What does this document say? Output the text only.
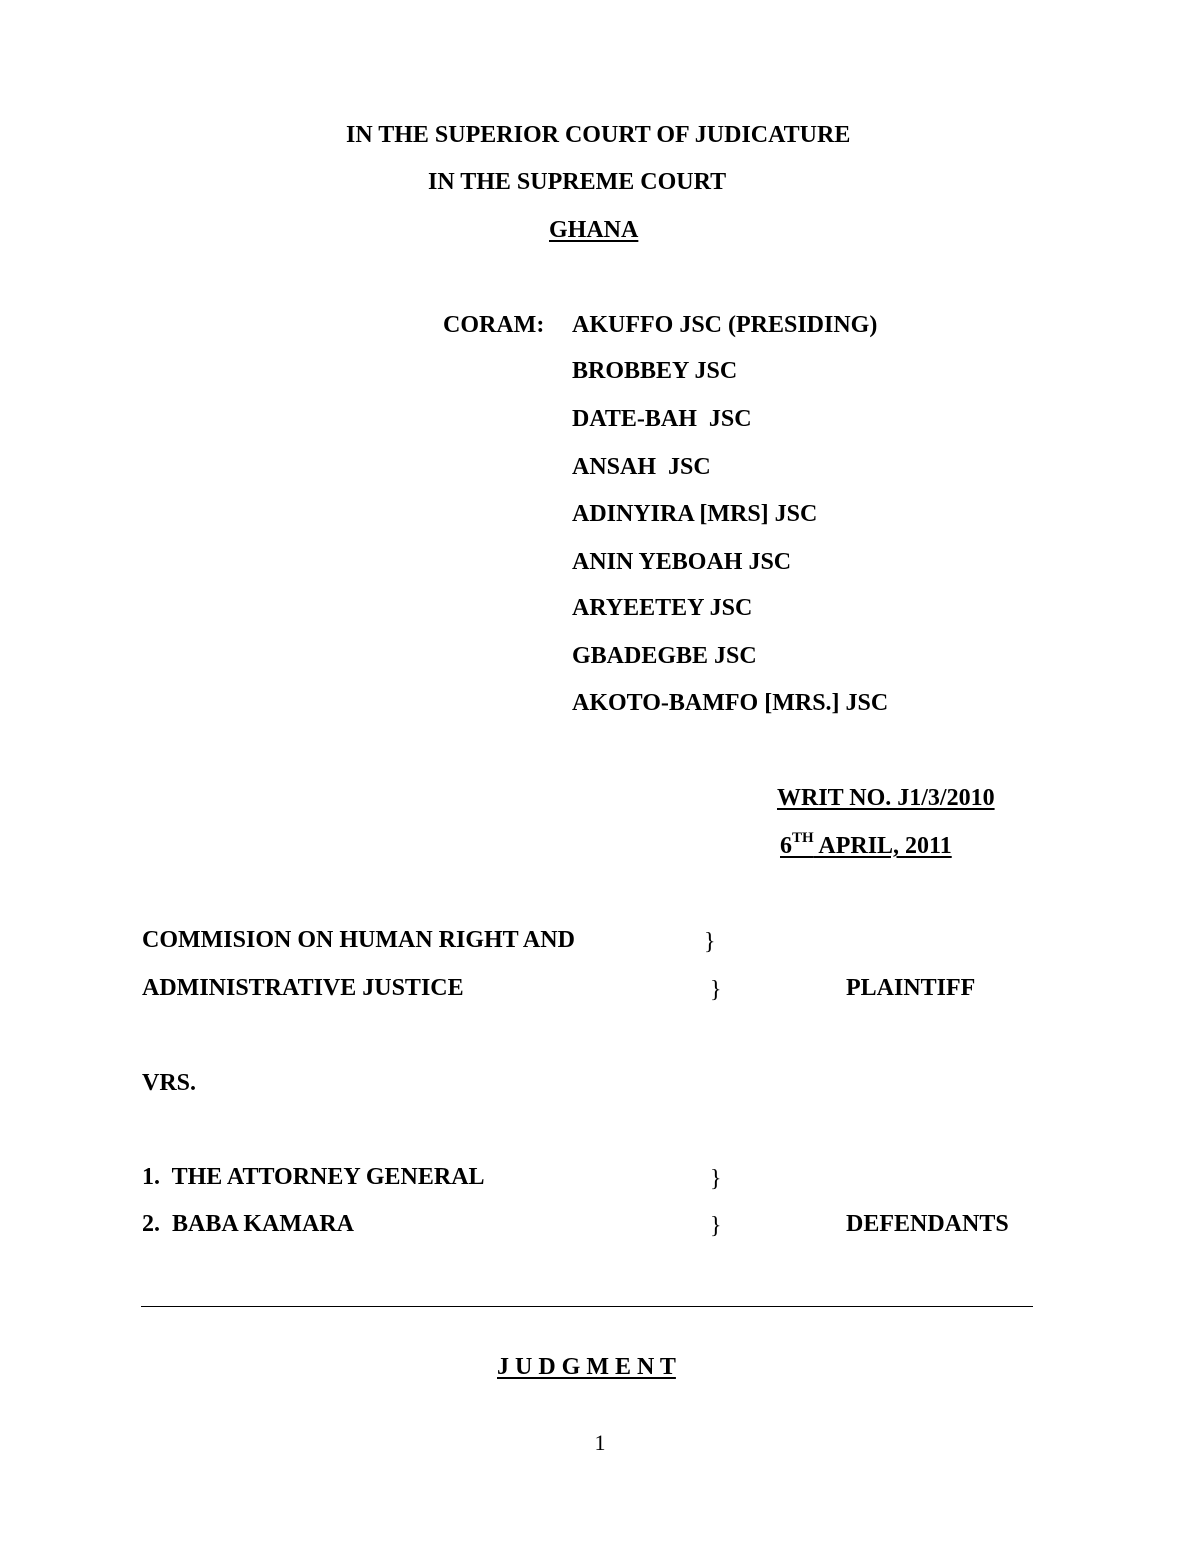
IN THE SUPERIOR COURT OF JUDICATURE
IN THE SUPREME COURT
GHANA
CORAM: AKUFFO JSC (PRESIDING)
BROBBEY JSC
DATE-BAH  JSC
ANSAH  JSC
ADINYIRA [MRS] JSC
ANIN YEBOAH JSC
ARYEETEY JSC
GBADEGBE JSC
AKOTO-BAMFO [MRS.] JSC
WRIT NO. J1/3/2010
6TH APRIL, 2011
COMMISION ON HUMAN RIGHT AND	}
ADMINISTRATIVE JUSTICE	}	PLAINTIFF
VRS.
1.  THE ATTORNEY GENERAL	}
2.  BABA KAMARA	}	DEFENDANTS
J U D G M E N T
1
